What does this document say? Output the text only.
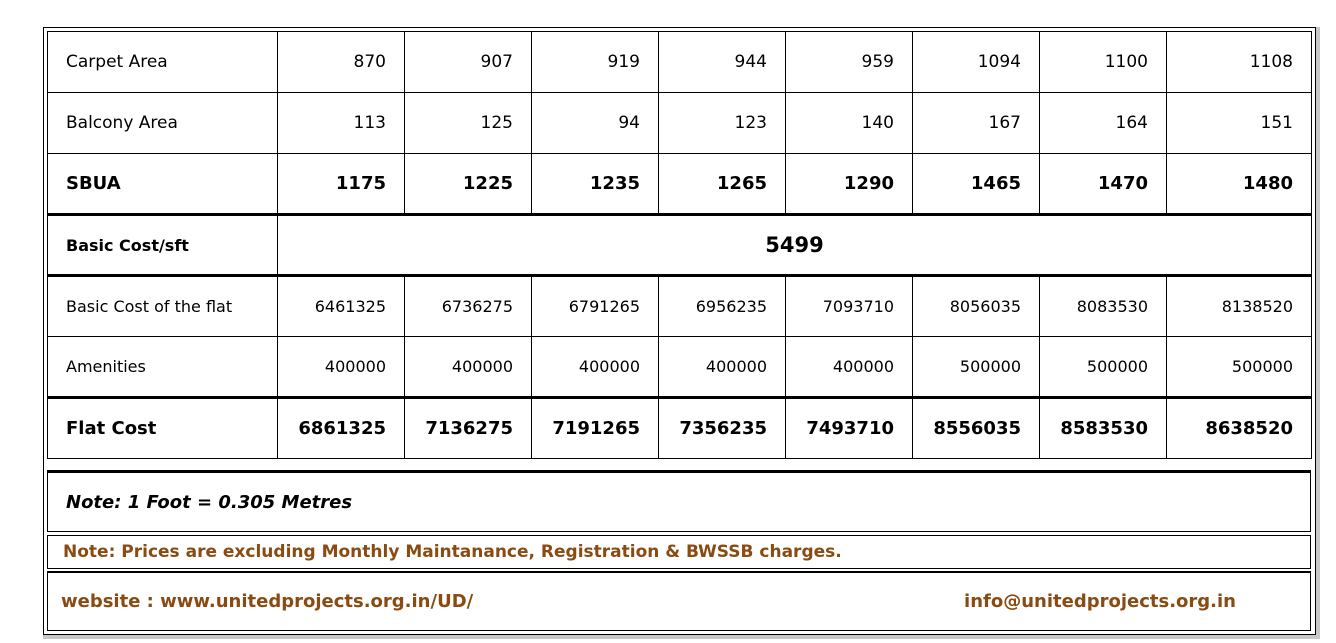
Carpet Area	870	907	919	944	959	1094	1100	1108
Balcony Area	113	125	94	123	140	167	164	151
SBUA	1175	1225	1235	1265	1290	1465	1470	1480
Basic Cost/sft	5499							
Basic Cost of the flat	6461325	6736275	6791265	6956235	7093710	8056035	8083530	8138520
Amenities	400000	400000	400000	400000	400000	500000	500000	500000
Flat Cost	6861325	7136275	7191265	7356235	7493710	8556035	8583530	8638520
Note: 1 Foot = 0.305 Metres
Note: Prices are excluding Monthly Maintanance, Registration & BWSSB charges.
website : www.unitedprojects.org.in/UD/	info@unitedprojects.org.in
